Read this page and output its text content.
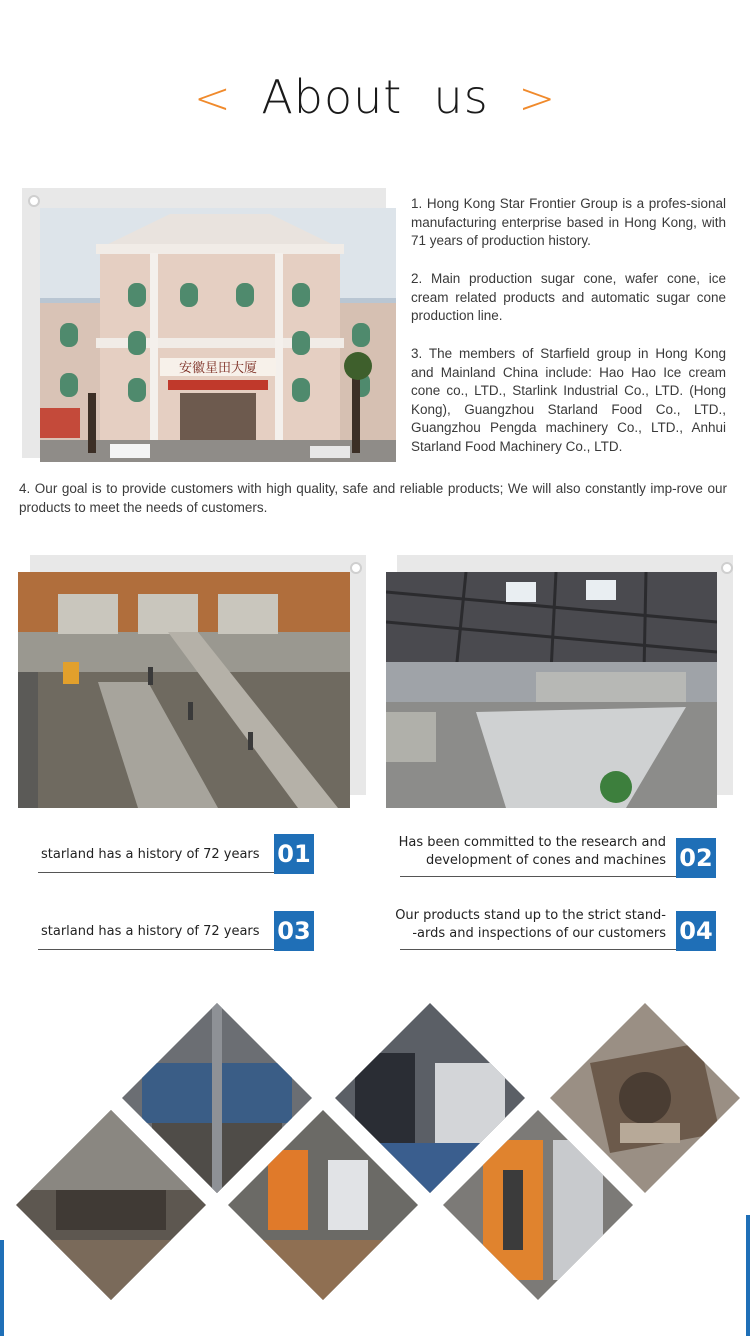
< About  us >
安徽星田大厦

1. Hong Kong Star Frontier Group is a profes-sional manufacturing enterprise based in Hong Kong, with 71 years of production history.

2. Main production sugar cone, wafer cone, ice cream related products and automatic sugar cone production line.

3. The members of Starfield group in Hong Kong and Mainland China include: Hao Hao Ice cream cone co., LTD., Starlink Industrial Co., LTD. (Hong Kong), Guangzhou Starland Food Co., LTD., Guangzhou Pengda machinery Co., LTD., Anhui Starland Food Machinery Co., LTD.

4. Our goal is to provide customers with high quality, safe and reliable products; We will also constantly imp-rove our products to meet the needs of customers.

starland has a history of 72 years 01	Has been committed to the research and
development of cones and machines 02
starland has a history of 72 years 03
Our products stand up to the strict stand-
-ards and inspections of our customers 04
